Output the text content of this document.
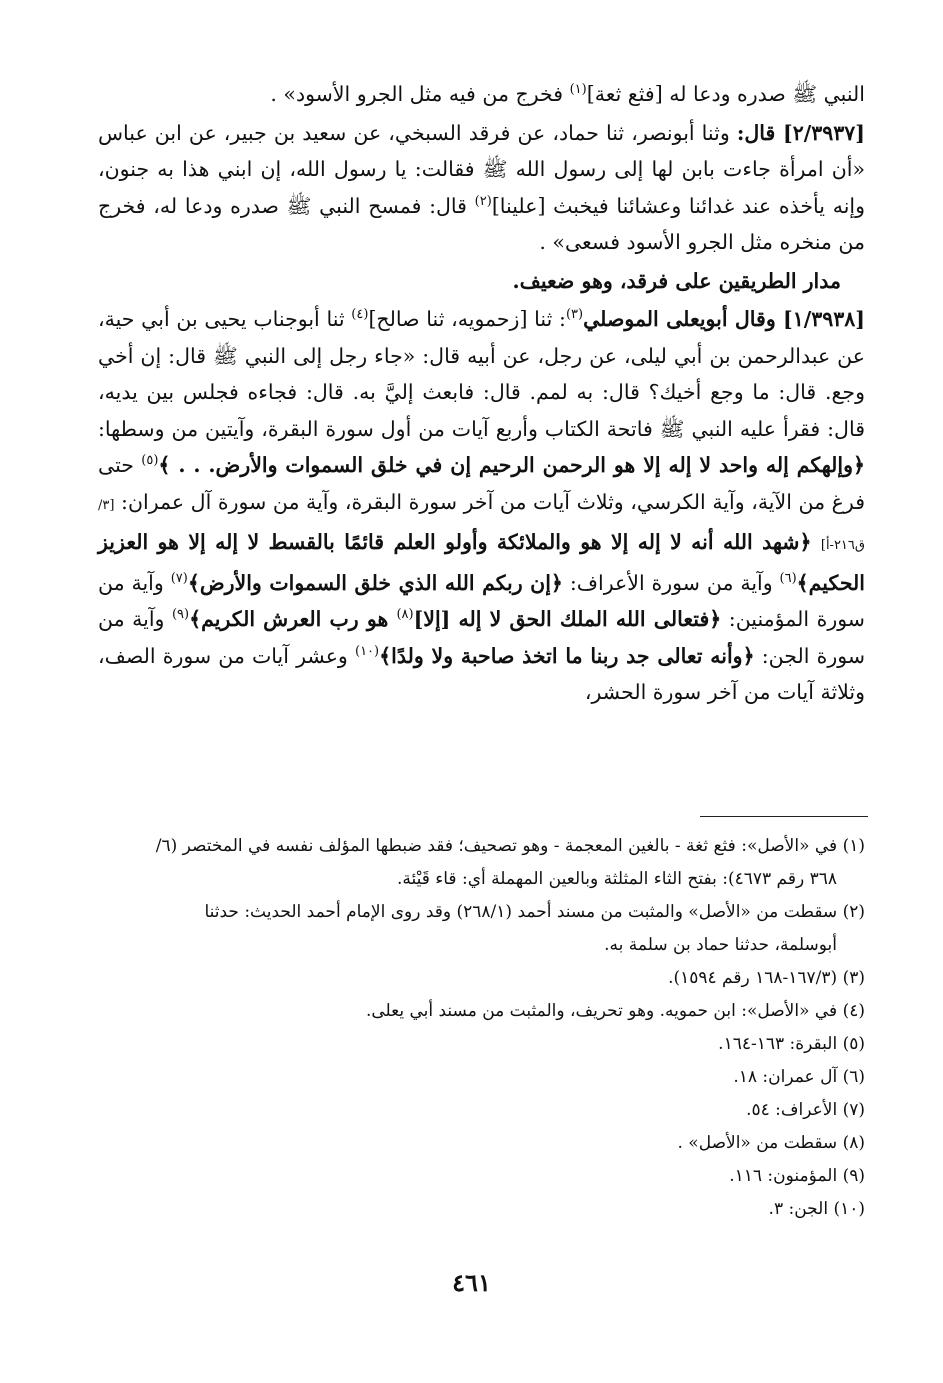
النبي ﷺ صدره ودعا له [فثع ثعة]$^{(١)}$ فخرج من فيه مثل الجرو الأسود» .

[٢/٣٩٣٧] قال: وثنا أبونصر، ثنا حماد، عن فرقد السبخي، عن سعيد بن جبير، عن ابن عباس «أن امرأة جاءت بابن لها إلى رسول الله ﷺ فقالت: يا رسول الله، إن ابني هذا به جنون، وإنه يأخذه عند غدائنا وعشائنا فيخبث [علينا]$^{(٢)}$ قال: فمسح النبي ﷺ صدره ودعا له، فخرج من منخره مثل الجرو الأسود فسعى» .

مدار الطريقين على فرقد، وهو ضعيف.

[١/٣٩٣٨] وقال أبويعلى الموصلي$^{(٣)}$: ثنا [زحمويه، ثنا صالح]$^{(٤)}$ ثنا أبوجناب يحيى بن أبي حية، عن عبدالرحمن بن أبي ليلى، عن رجل، عن أبيه قال: «جاء رجل إلى النبي ﷺ قال: إن أخي وجع. قال: ما وجع أخيك؟ قال: به لمم. قال: فابعث إليَّ به. قال: فجاءه فجلس بين يديه، قال: فقرأ عليه النبي ﷺ فاتحة الكتاب وأربع آيات من أول سورة البقرة، وآيتين من وسطها: ﴿وإلهكم إله واحد لا إله إلا هو الرحمن الرحيم إن في خلق السموات والأرض. . . ﴾$^{(٥)}$ حتى فرغ من الآية، وآية الكرسي، وثلاث آيات من آخر سورة البقرة، وآية من سورة آل عمران: [٣/ ق٢١٦-أ] ﴿شهد الله أنه لا إله إلا هو والملائكة وأولو العلم قائمًا بالقسط لا إله إلا هو العزيز الحكيم﴾$^{(٦)}$ وآية من سورة الأعراف: ﴿إن ربكم الله الذي خلق السموات والأرض﴾$^{(٧)}$ وآية من سورة المؤمنين: ﴿فتعالى الله الملك الحق لا إله [إلا]$^{(٨)}$ هو رب العرش الكريم﴾$^{(٩)}$ وآية من سورة الجن: ﴿وأنه تعالى جد ربنا ما اتخذ صاحبة ولا ولدًا﴾$^{(١٠)}$ وعشر آيات من سورة الصف، وثلاثة آيات من آخر سورة الحشر،

(١) في «الأصل»: فثع ثغة - بالغين المعجمة - وهو تصحيف؛ فقد ضبطها المؤلف نفسه في المختصر (٦/

٣٦٨ رقم ٤٦٧٣): بفتح الثاء المثلثة وبالعين المهملة أي: قاء قَيْئة.

(٢) سقطت من «الأصل» والمثبت من مسند أحمد (٢٦٨/١) وقد روى الإمام أحمد الحديث: حدثنا

أبوسلمة، حدثنا حماد بن سلمة به.

(٣) (١٦٧/٣-١٦٨ رقم ١٥٩٤).

(٤) في «الأصل»: ابن حمويه. وهو تحريف، والمثبت من مسند أبي يعلى.

(٥) البقرة: ١٦٣-١٦٤.

(٦) آل عمران: ١٨.

(٧) الأعراف: ٥٤.

(٨) سقطت من «الأصل» .

(٩) المؤمنون: ١١٦.

(١٠) الجن: ٣.

٤٦١
